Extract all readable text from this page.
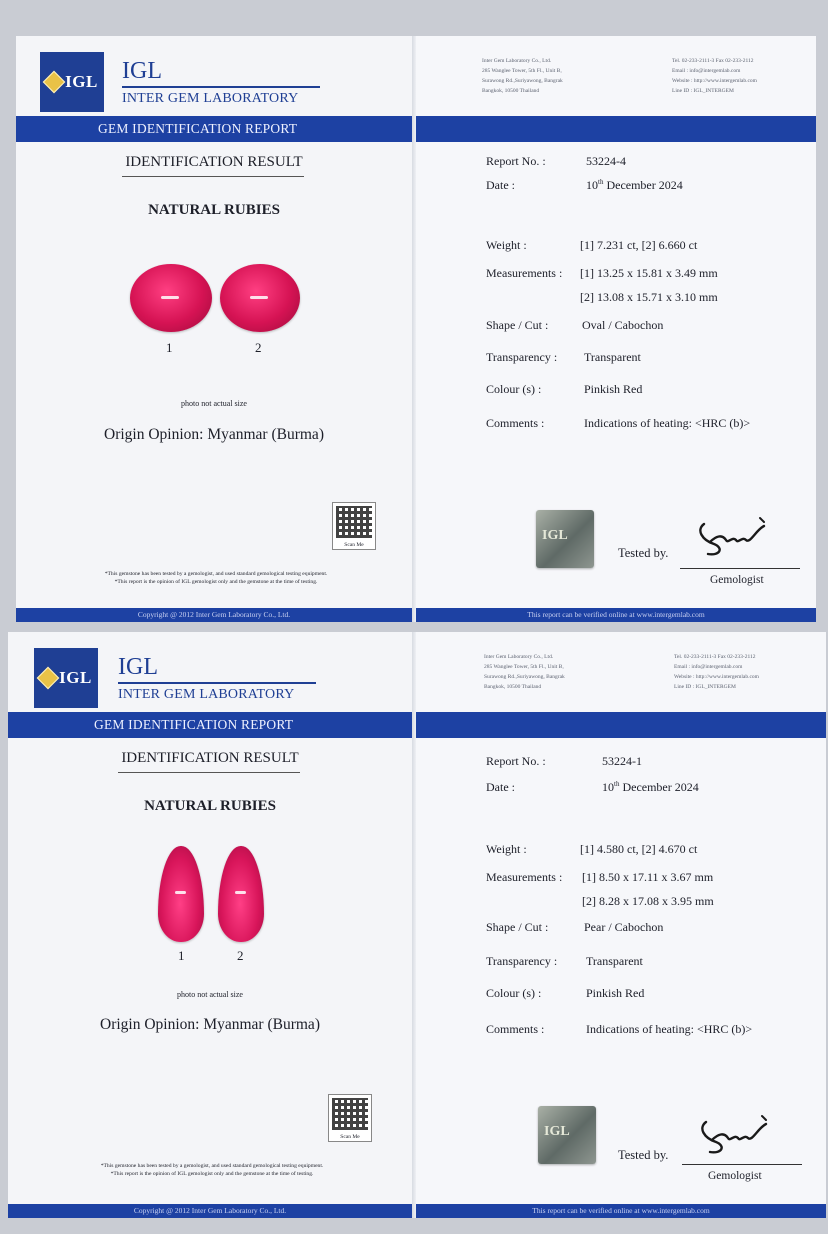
IGL IGL
INTER GEM LABORATORY
GEM IDENTIFICATION REPORT
IDENTIFICATION RESULT
NATURAL RUBIES
1	2
photo not actual size
Origin Opinion: Myanmar (Burma)
Scan Me
*This gemstone has been tested by a gemologist, and used standard gemological testing equipment.
*This report is the opinion of IGL gemologist only and the gemstone at the time of testing.
Copyright @ 2012 Inter Gem Laboratory Co., Ltd.
Inter Gem Laboratory Co., Ltd.
285 Wanglee Tower, 5th Fl., Unit B,
Surawong Rd.,Suriyawong, Bangrak
Bangkok, 10500 Thailand
Tel. 02-233-2111-3 Fax 02-233-2112
Email : info@intergemlab.com
Website : http://www.intergemlab.com
Line ID : IGL_INTERGEM
Report No. :	53224-4
Date :	10th December 2024
Weight :	[1] 7.231 ct, [2] 6.660 ct
Measurements : [1] 13.25 x 15.81 x 3.49 mm
[2] 13.08 x 15.71 x 3.10 mm
Shape / Cut :	Oval / Cabochon
Transparency : Transparent
Colour (s) :	Pinkish Red
Comments :	Indications of heating: <HRC (b)>
IGL
Tested by.
Gemologist
This report can be verified online at www.intergemlab.com
IGL IGL
INTER GEM LABORATORY
GEM IDENTIFICATION REPORT
IDENTIFICATION RESULT
NATURAL RUBIES
1	2
photo not actual size
Origin Opinion: Myanmar (Burma)
Scan Me
*This gemstone has been tested by a gemologist, and used standard gemological testing equipment.
*This report is the opinion of IGL gemologist only and the gemstone at the time of testing.
Copyright @ 2012 Inter Gem Laboratory Co., Ltd.
Inter Gem Laboratory Co., Ltd.
285 Wanglee Tower, 5th Fl., Unit B,
Surawong Rd.,Suriyawong, Bangrak
Bangkok, 10500 Thailand
Tel. 02-233-2111-3 Fax 02-233-2112
Email : info@intergemlab.com
Website : http://www.intergemlab.com
Line ID : IGL_INTERGEM
Report No. :	53224-1
Date :	10th December 2024
Weight :	[1] 4.580 ct, [2] 4.670 ct
Measurements : [1] 8.50 x 17.11 x 3.67 mm
[2] 8.28 x 17.08 x 3.95 mm
Shape / Cut :	Pear / Cabochon
Transparency : Transparent
Colour (s) :	Pinkish Red
Comments :	Indications of heating: <HRC (b)>
IGL
Tested by.
Gemologist
This report can be verified online at www.intergemlab.com
